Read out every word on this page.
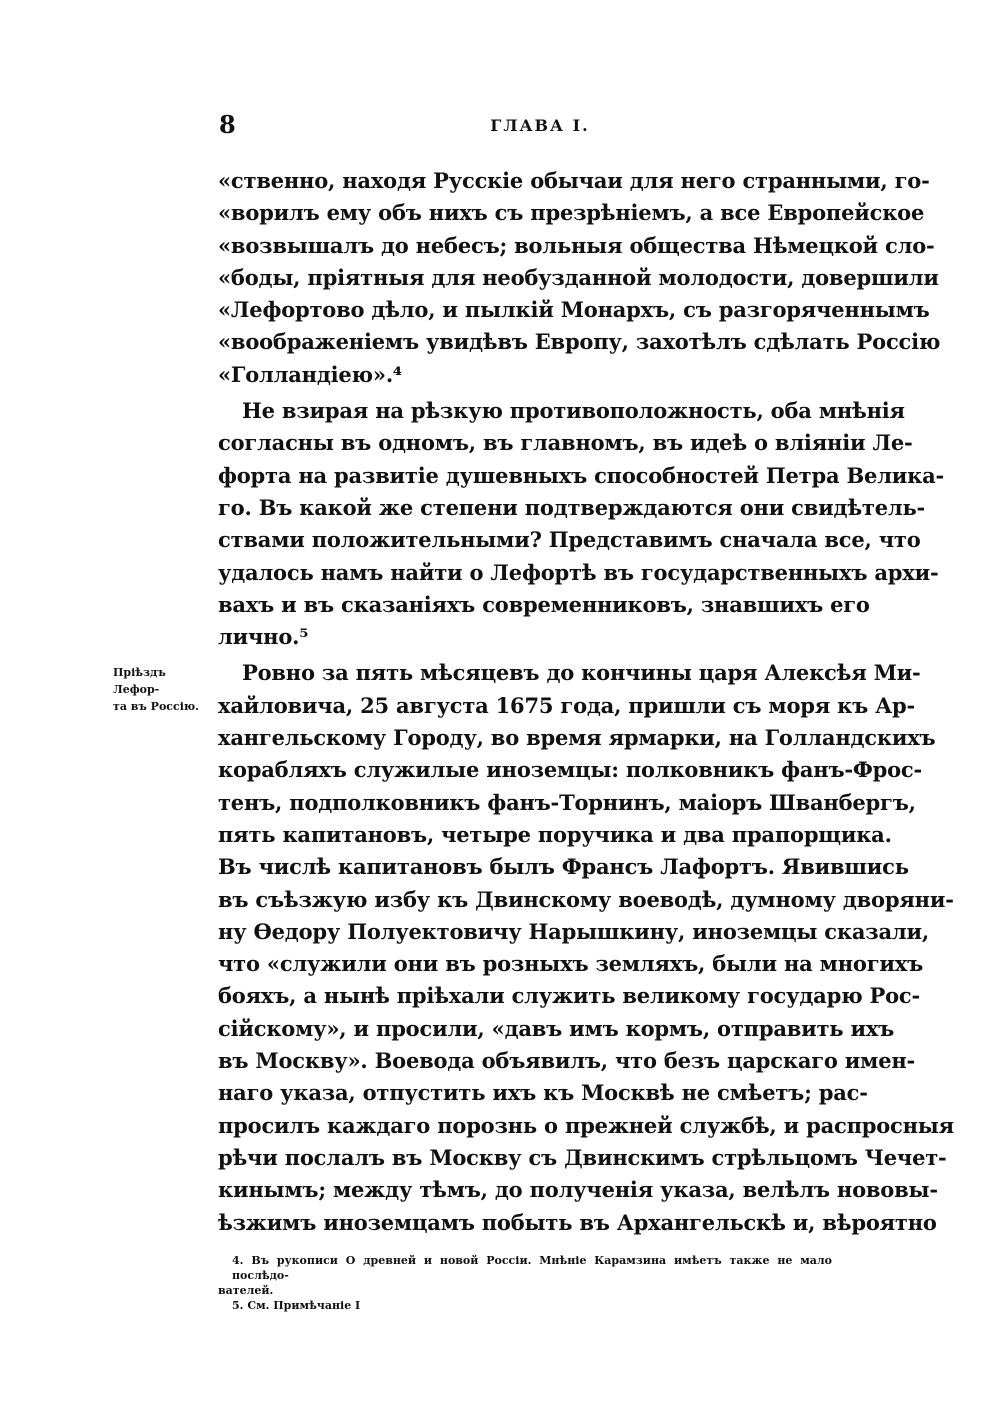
8	ГЛАВА I.
Пріѣздъ Лефор-
та въ Россію.
«ственно, находя Русскіе обычаи для него странными, го-
«ворилъ ему объ нихъ съ презрѣніемъ, а все Европейское
«возвышалъ до небесъ; вольныя общества Нѣмецкой сло-
«боды, пріятныя для необузданной молодости, довершили
«Лефортово дѣло, и пылкій Монархъ, съ разгоряченнымъ
«воображеніемъ увидѣвъ Европу, захотѣлъ сдѣлать Россію
«Голландіею».⁴
Не взирая на рѣзкую противоположность, оба мнѣнія
согласны въ одномъ, въ главномъ, въ идеѣ о вліяніи Ле-
форта на развитіе душевныхъ способностей Петра Велика-
го. Въ какой же степени подтверждаются они свидѣтель-
ствами положительными? Представимъ сначала все, что
удалось намъ найти о Лефортѣ въ государственныхъ архи-
вахъ и въ сказаніяхъ современниковъ, знавшихъ его
лично.⁵
Ровно за пять мѣсяцевъ до кончины царя Алексѣя Ми-
хайловича, 25 августа 1675 года, пришли съ моря къ Ар-
хангельскому Городу, во время ярмарки, на Голландскихъ
корабляхъ служилые иноземцы: полковникъ фанъ-Фрос-
тенъ, подполковникъ фанъ-Торнинъ, маіоръ Шванбергъ,
пять капитановъ, четыре поручика и два прапорщика.
Въ числѣ капитановъ былъ Франсъ Лафортъ. Явившись
въ съѣзжую избу къ Двинскому воеводѣ, думному дворяни-
ну Ѳедору Полуектовичу Нарышкину, иноземцы сказали,
что «служили они въ розныхъ земляхъ, были на многихъ
бояхъ, а нынѣ пріѣхали служить великому государю Рос-
сійскому», и просили, «давъ имъ кормъ, отправить ихъ
въ Москву». Воевода объявилъ, что безъ царскаго имен-
наго указа, отпустить ихъ къ Москвѣ не смѣетъ; рас-
просилъ каждаго порознь о прежней службѣ, и распросныя
рѣчи послалъ въ Москву съ Двинскимъ стрѣльцомъ Чечет-
кинымъ; между тѣмъ, до полученія указа, велѣлъ нововы-
ѣзжимъ иноземцамъ побыть въ Архангельскѣ и, вѣроятно
4. Въ рукописи О древней и новой Россіи. Мнѣніе Карамзина имѣетъ также не мало послѣдо-
вателей.
5. См. Примѣчаніе I
